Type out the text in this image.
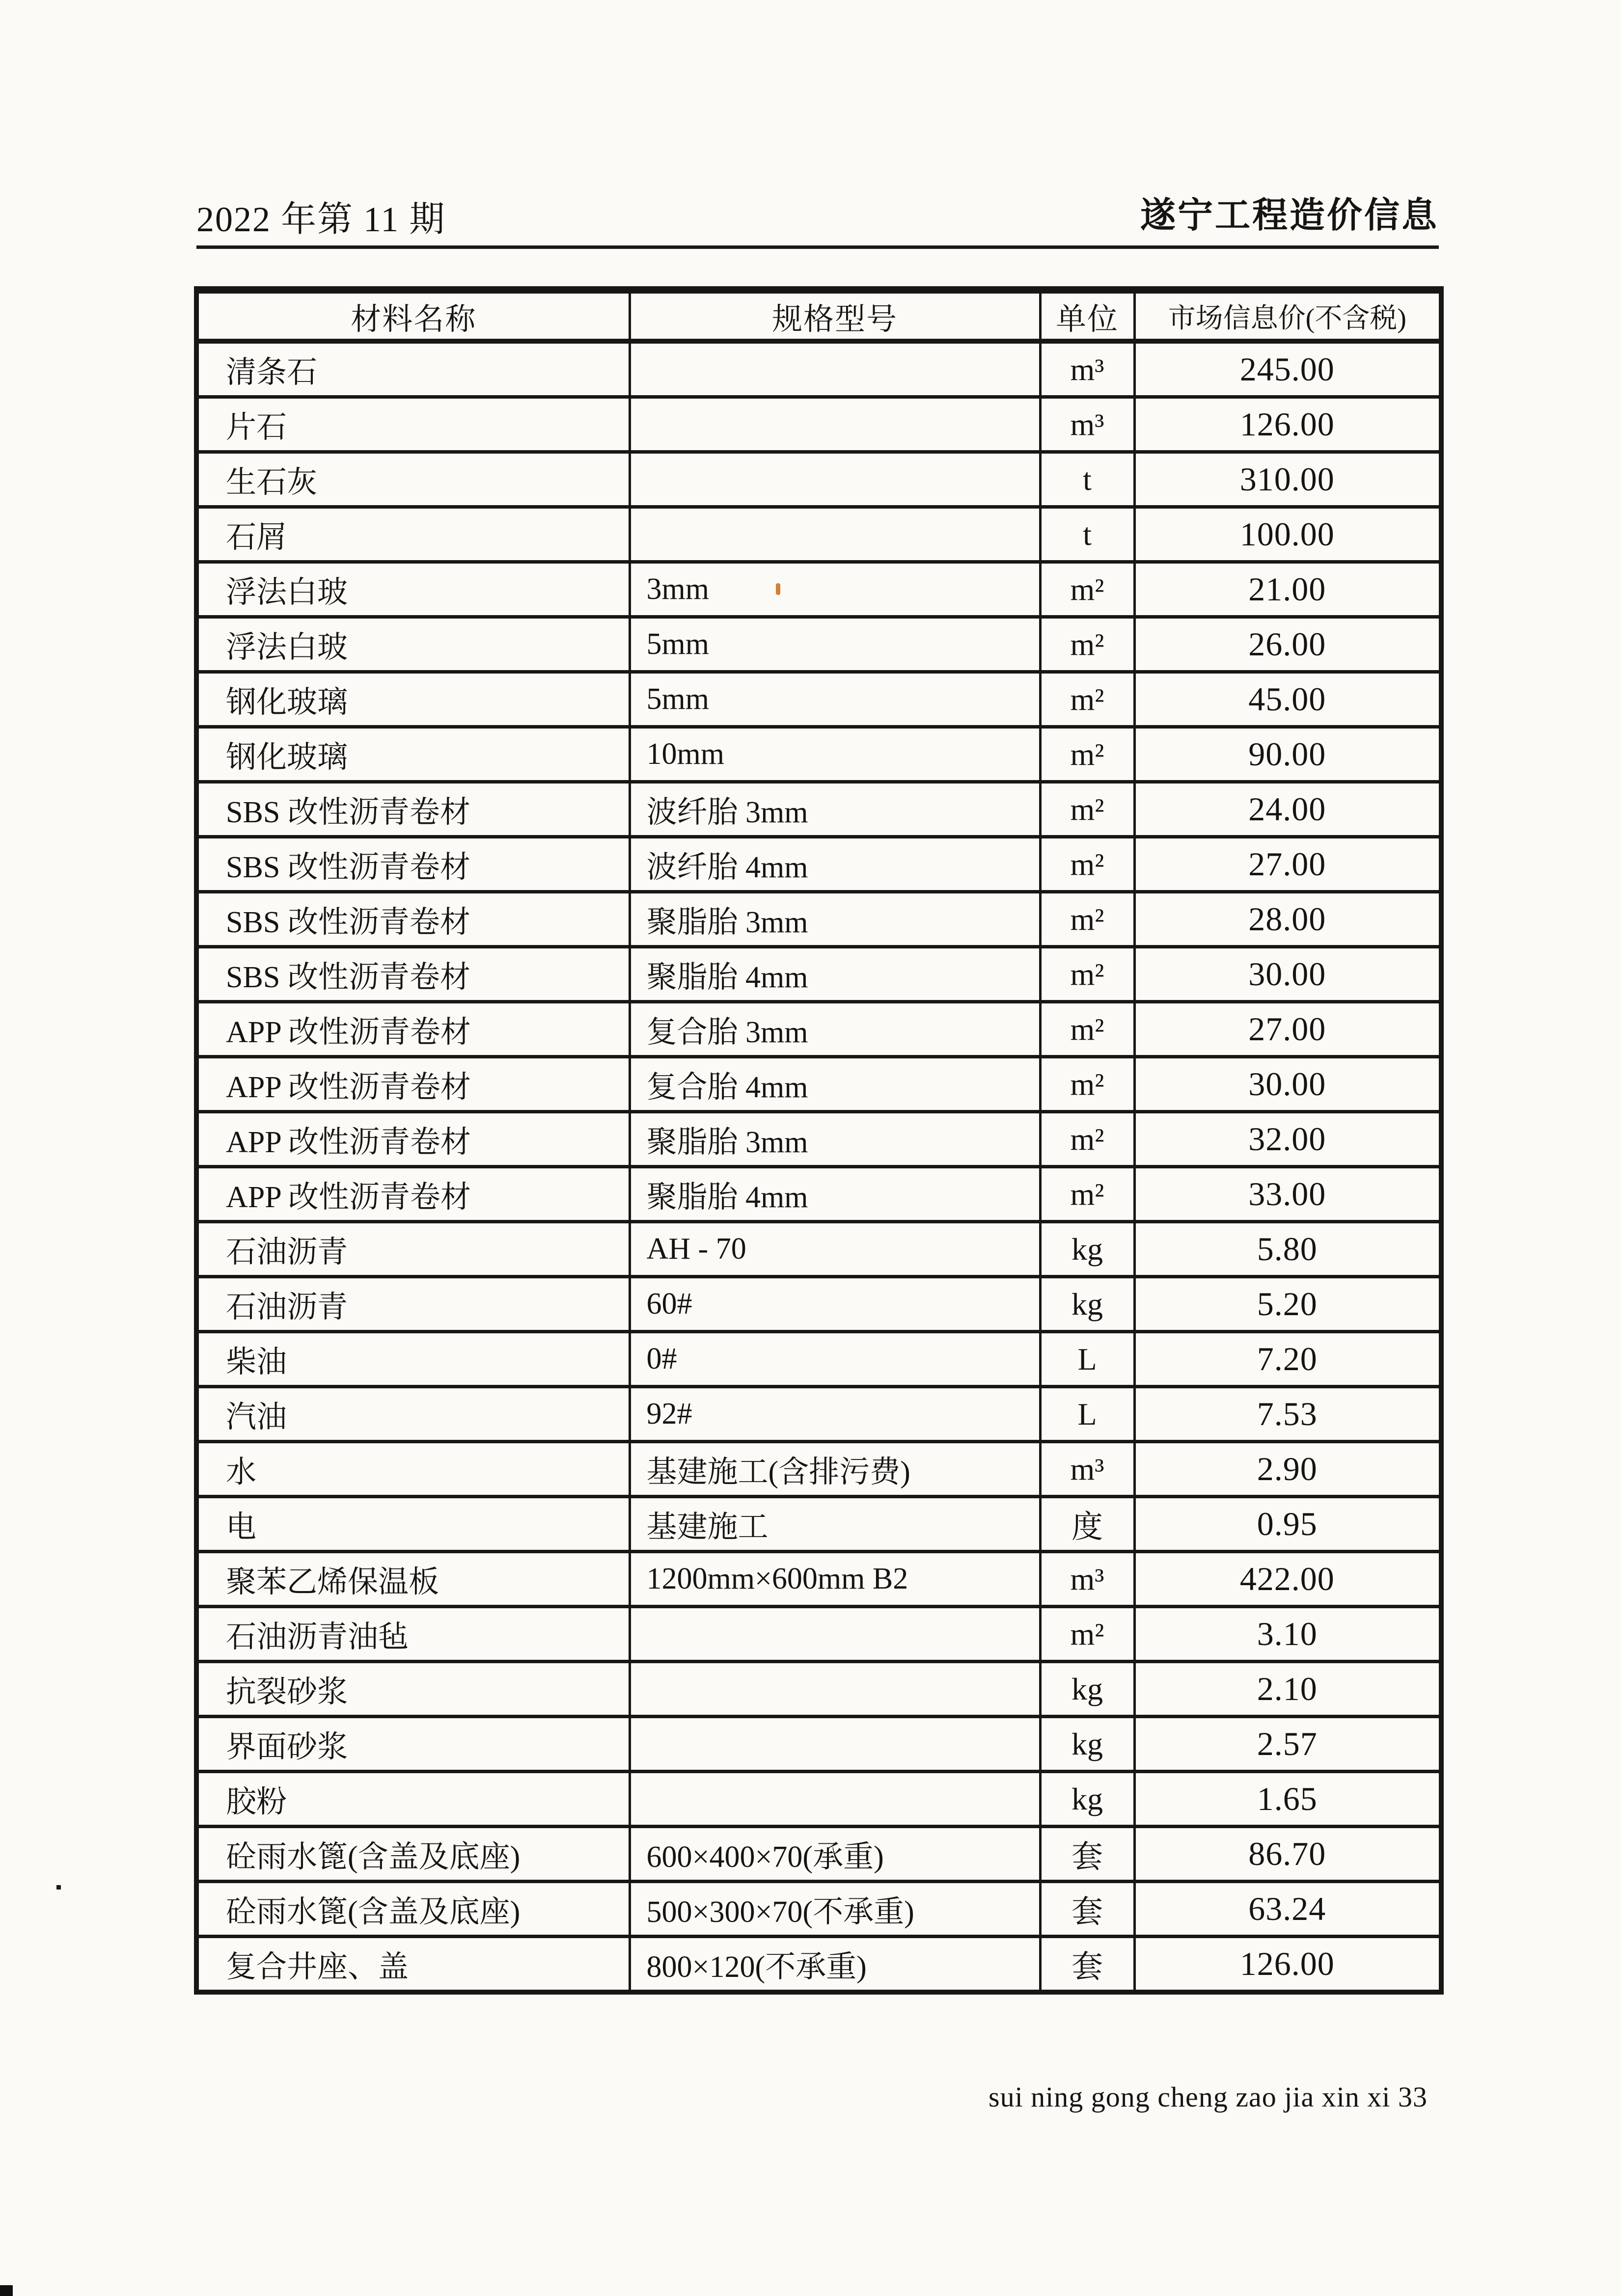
2022 年第 11 期	遂宁工程造价信息
材料名称	规格型号	单位	市场信息价(不含税)
清条石		m³	245.00
片石		m³	126.00
生石灰		t	310.00
石屑		t	100.00
浮法白玻	3mm	m²	21.00
浮法白玻	5mm	m²	26.00
钢化玻璃	5mm	m²	45.00
钢化玻璃	10mm	m²	90.00
SBS 改性沥青卷材	波纤胎 3mm	m²	24.00
SBS 改性沥青卷材	波纤胎 4mm	m²	27.00
SBS 改性沥青卷材	聚脂胎 3mm	m²	28.00
SBS 改性沥青卷材	聚脂胎 4mm	m²	30.00
APP 改性沥青卷材	复合胎 3mm	m²	27.00
APP 改性沥青卷材	复合胎 4mm	m²	30.00
APP 改性沥青卷材	聚脂胎 3mm	m²	32.00
APP 改性沥青卷材	聚脂胎 4mm	m²	33.00
石油沥青	AH - 70	kg	5.80
石油沥青	60#	kg	5.20
柴油	0#	L	7.20
汽油	92#	L	7.53
水	基建施工(含排污费)	m³	2.90
电	基建施工	度	0.95
聚苯乙烯保温板	1200mm×600mm B2	m³	422.00
石油沥青油毡		m²	3.10
抗裂砂浆		kg	2.10
界面砂浆		kg	2.57
胶粉		kg	1.65
砼雨水篦(含盖及底座)	600×400×70(承重)	套	86.70
砼雨水篦(含盖及底座)	500×300×70(不承重)	套	63.24
复合井座、盖	800×120(不承重)	套	126.00
sui ning gong cheng zao jia xin xi 33
